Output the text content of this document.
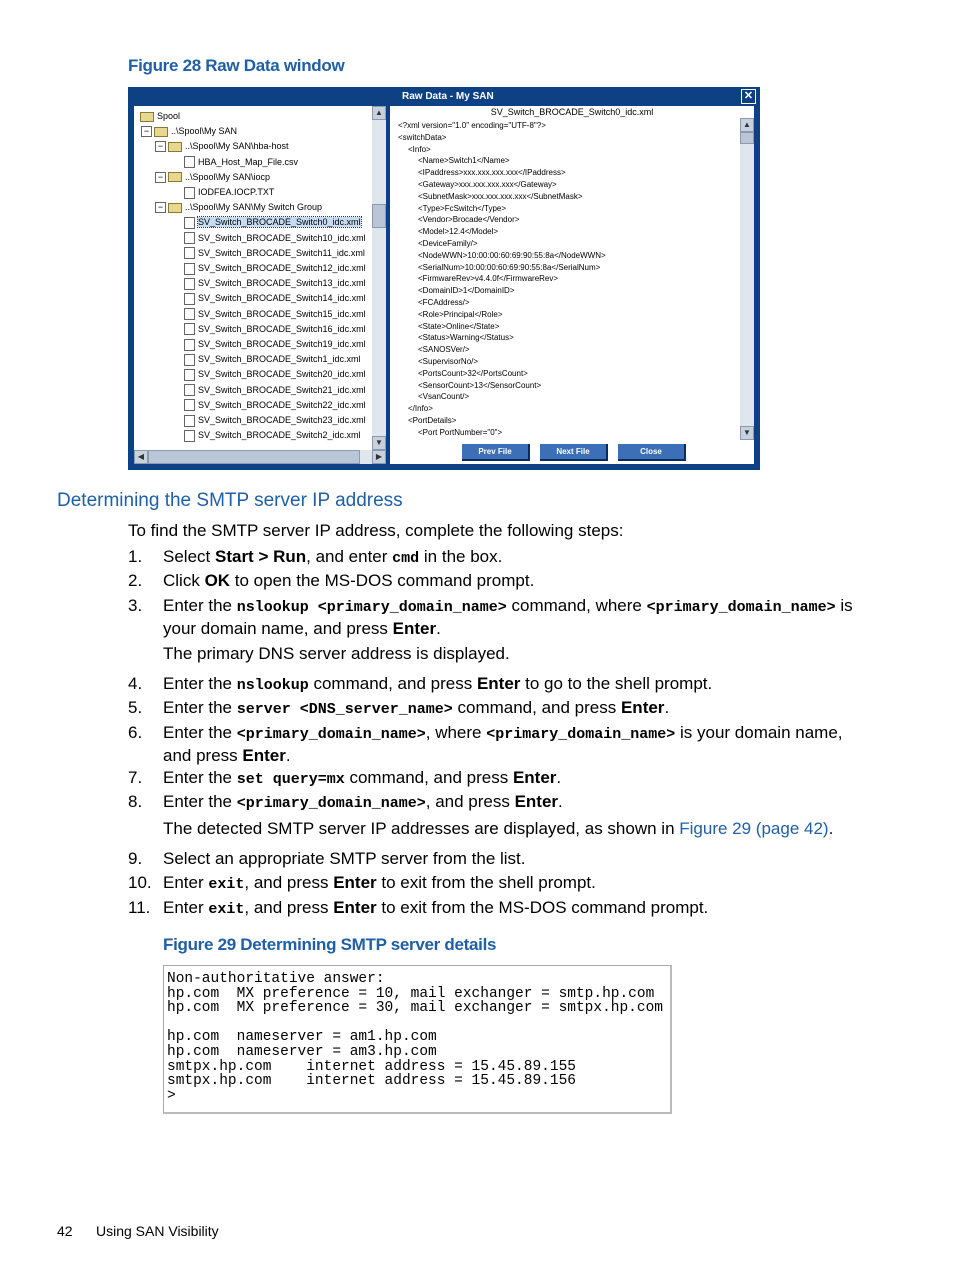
Figure 28 Raw Data window
Raw Data - My SAN	✕
Spool
−	..\Spool\My SAN
−	..\Spool\My SAN\hba-host
HBA_Host_Map_File.csv
−	..\Spool\My SAN\iocp
IODFEA.IOCP.TXT
−	..\Spool\My SAN\My Switch Group
SV_Switch_BROCADE_Switch0_idc.xml
SV_Switch_BROCADE_Switch10_idc.xml
SV_Switch_BROCADE_Switch11_idc.xml
SV_Switch_BROCADE_Switch12_idc.xml
SV_Switch_BROCADE_Switch13_idc.xml
SV_Switch_BROCADE_Switch14_idc.xml
SV_Switch_BROCADE_Switch15_idc.xml
SV_Switch_BROCADE_Switch16_idc.xml
SV_Switch_BROCADE_Switch19_idc.xml
SV_Switch_BROCADE_Switch1_idc.xml
SV_Switch_BROCADE_Switch20_idc.xml
SV_Switch_BROCADE_Switch21_idc.xml
SV_Switch_BROCADE_Switch22_idc.xml
SV_Switch_BROCADE_Switch23_idc.xml
SV_Switch_BROCADE_Switch2_idc.xml
▲
▼
◀	▶
SV_Switch_BROCADE_Switch0_idc.xml
<?xml version="1.0" encoding="UTF-8"?>
<switchData>
<Info>
<Name>Switch1</Name>
<IPaddress>xxx.xxx.xxx.xxx</IPaddress>
<Gateway>xxx.xxx.xxx.xxx</Gateway>
<SubnetMask>xxx.xxx.xxx.xxx</SubnetMask>
<Type>FcSwitch</Type>
<Vendor>Brocade</Vendor>
<Model>12.4</Model>
<DeviceFamily/>
<NodeWWN>10:00:00:60:69:90:55:8a</NodeWWN>
<SerialNum>10:00:00:60:69:90:55:8a</SerialNum>
<FirmwareRev>v4.4.0f</FirmwareRev>
<DomainID>1</DomainID>
<FCAddress/>
<Role>Principal</Role>
<State>Online</State>
<Status>Warning</Status>
<SANOSVer/>
<SupervisorNo/>
<PortsCount>32</PortsCount>
<SensorCount>13</SensorCount>
<VsanCount/>
</Info>
<PortDetails>
<Port PortNumber="0">
▲
▼
Prev File	Next File	Close
Determining the SMTP server IP address
To find the SMTP server IP address, complete the following steps:
1. Select Start > Run, and enter cmd in the box.
2. Click OK to open the MS-DOS command prompt.
3. Enter the nslookup <primary_domain_name> command, where <primary_domain_name> is your domain name, and press Enter.
4. Enter the nslookup command, and press Enter to go to the shell prompt.
5. Enter the server <DNS_server_name> command, and press Enter.
6. Enter the <primary_domain_name>, where <primary_domain_name> is your domain name, and press Enter.
7. Enter the set query=mx command, and press Enter.
8. Enter the <primary_domain_name>, and press Enter.
9. Select an appropriate SMTP server from the list.
10. Enter exit, and press Enter to exit from the shell prompt.
11. Enter exit, and press Enter to exit from the MS-DOS command prompt.
The primary DNS server address is displayed.
The detected SMTP server IP addresses are displayed, as shown in Figure 29 (page 42).
Figure 29 Determining SMTP server details
Non-authoritative answer:
hp.com  MX preference = 10, mail exchanger = smtp.hp.com
hp.com  MX preference = 30, mail exchanger = smtpx.hp.com
hp.com  nameserver = am1.hp.com
hp.com  nameserver = am3.hp.com
smtpx.hp.com    internet address = 15.45.89.155
smtpx.hp.com    internet address = 15.45.89.156
>
42 Using SAN Visibility
